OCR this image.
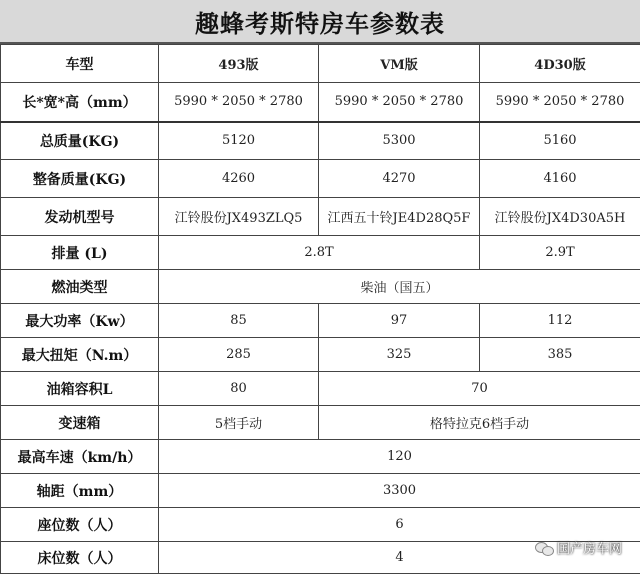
趣蜂考斯特房车参数表
车型	493版	VM版	4D30版
长*宽*高（mm）	5990 * 2050 * 2780	5990 * 2050 * 2780	5990 * 2050 * 2780
总质量(KG)	5120	5300	5160
整备质量(KG)	4260	4270	4160
发动机型号	江铃股份JX493ZLQ5	江西五十铃JE4D28Q5F	江铃股份JX4D30A5H
排量 (L)	2.8T		2.9T
燃油类型	柴油（国五）		
最大功率（Kw）	85	97	112
最大扭矩（N.m）	285	325	385
油箱容积L	80	70	
变速箱	5档手动	格特拉克6档手动	
最高车速（km/h）	120		
轴距（mm）	3300		
座位数（人）	6		
床位数（人）	4		
国产房车网
